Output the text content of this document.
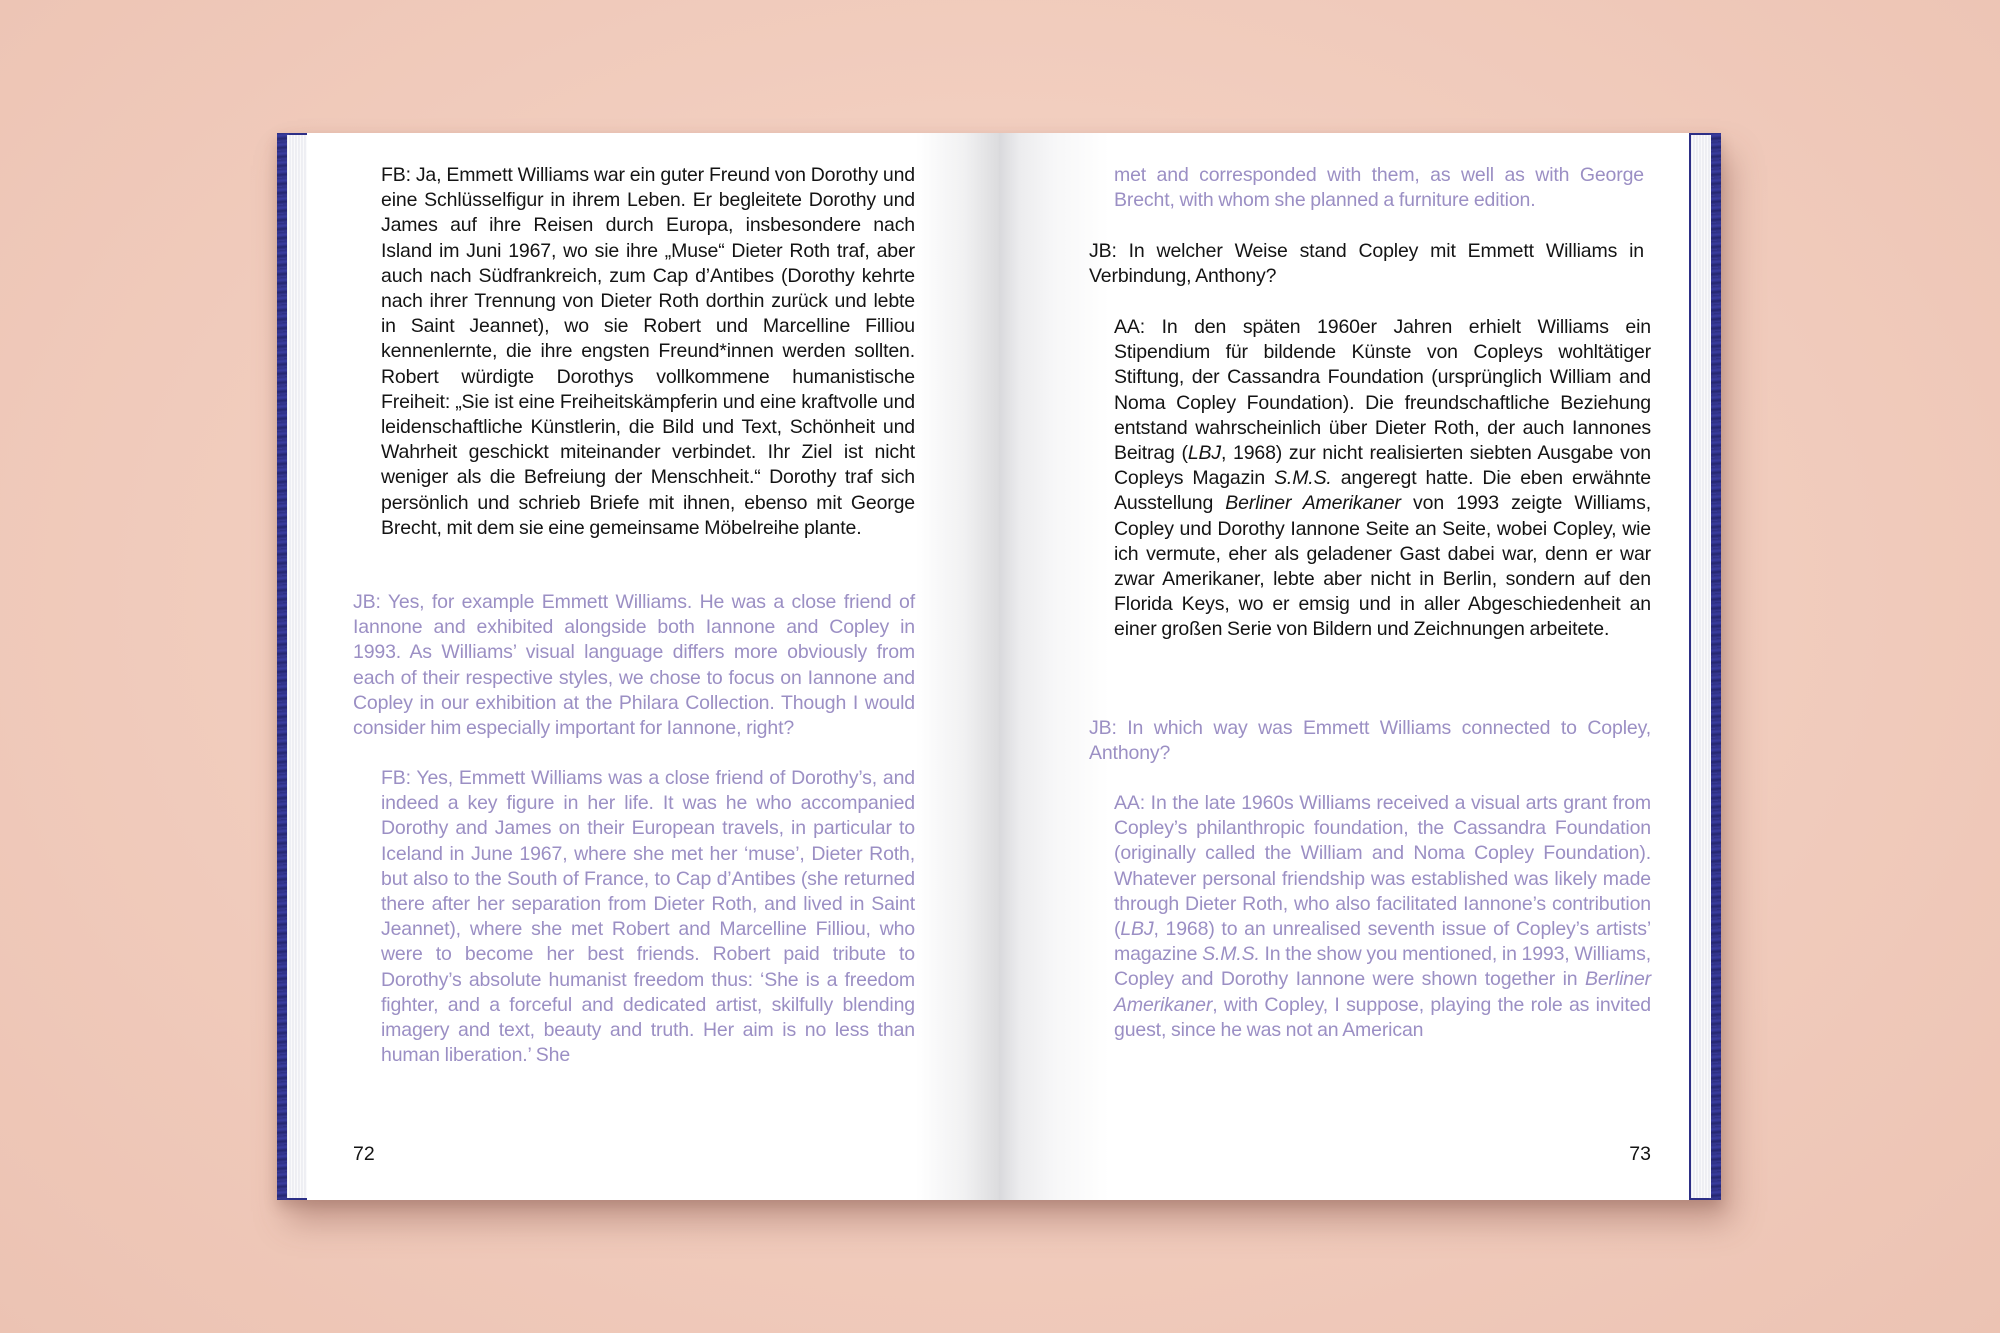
FB: Ja, Emmett Williams war ein guter Freund von Dorothy und eine Schlüsselfigur in ihrem Leben. Er begleitete Dorothy und James auf ihre Reisen durch Europa, insbesondere nach Island im Juni 1967, wo sie ihre „Muse“ Dieter Roth traf, aber auch nach Südfrankreich, zum Cap d’Antibes (Dorothy kehrte nach ihrer Trennung von Dieter Roth dorthin zurück und lebte in Saint Jeannet), wo sie Robert und Marcelline Filliou kennenlernte, die ihre engsten Freund*innen werden sollten. Robert würdigte Dorothys vollkommene humanistische Freiheit: „Sie ist eine Freiheitskämpferin und eine kraftvolle und leidenschaftliche Künstlerin, die Bild und Text, Schönheit und Wahrheit geschickt miteinander verbindet. Ihr Ziel ist nicht weniger als die Befreiung der Menschheit.“ Dorothy traf sich persönlich und schrieb Briefe mit ihnen, ebenso mit George Brecht, mit dem sie eine gemeinsame Möbelreihe plante.

JB: Yes, for example Emmett Williams. He was a close friend of Iannone and exhibited alongside both Iannone and Copley in 1993. As Williams’ visual language differs more obviously from each of their respective styles, we chose to focus on Iannone and Copley in our exhibition at the Philara Collection. Though I would consider him especially important for Iannone, right?

FB: Yes, Emmett Williams was a close friend of Dorothy’s, and indeed a key figure in her life. It was he who accompanied Dorothy and James on their European travels, in particular to Iceland in June 1967, where she met her ‘muse’, Dieter Roth, but also to the South of France, to Cap d’Antibes (she returned there after her separation from Dieter Roth, and lived in Saint Jeannet), where she met Robert and Marcelline Filliou, who were to become her best friends. Robert paid tribute to Dorothy’s absolute humanist freedom thus: ‘She is a freedom fighter, and a forceful and dedicated artist, skilfully blending imagery and text, beauty and truth. Her aim is no less than human liberation.’ She

72

met and corresponded with them, as well as with George Brecht, with whom she planned a furniture edition.

JB: In welcher Weise stand Copley mit Emmett Williams in Verbindung, Anthony?

AA: In den späten 1960er Jahren erhielt Williams ein Stipendium für bildende Künste von Copleys wohltätiger Stiftung, der Cassandra Foundation (ursprünglich William and Noma Copley Foundation). Die freundschaftliche Beziehung entstand wahrscheinlich über Dieter Roth, der auch Iannones Beitrag (LBJ, 1968) zur nicht realisierten siebten Ausgabe von Copleys Magazin S.M.S. angeregt hatte. Die eben erwähnte Ausstellung Berliner Amerikaner von 1993 zeigte Williams, Copley und Dorothy Iannone Seite an Seite, wobei Copley, wie ich vermute, eher als geladener Gast dabei war, denn er war zwar Amerikaner, lebte aber nicht in Berlin, sondern auf den Florida Keys, wo er emsig und in aller Abgeschiedenheit an einer großen Serie von Bildern und Zeichnungen arbeitete.

JB: In which way was Emmett Williams connected to Copley, Anthony?

AA: In the late 1960s Williams received a visual arts grant from Copley’s philanthropic foundation, the Cassandra Foundation (originally called the William and Noma Copley Foundation). Whatever personal friendship was established was likely made through Dieter Roth, who also facilitated Iannone’s contribution (LBJ, 1968) to an unrealised seventh issue of Copley’s artists’ magazine S.M.S. In the show you mentioned, in 1993, Williams, Copley and Dorothy Iannone were shown together in Berliner Amerikaner, with Copley, I suppose, playing the role as invited guest, since he was not an American

73
